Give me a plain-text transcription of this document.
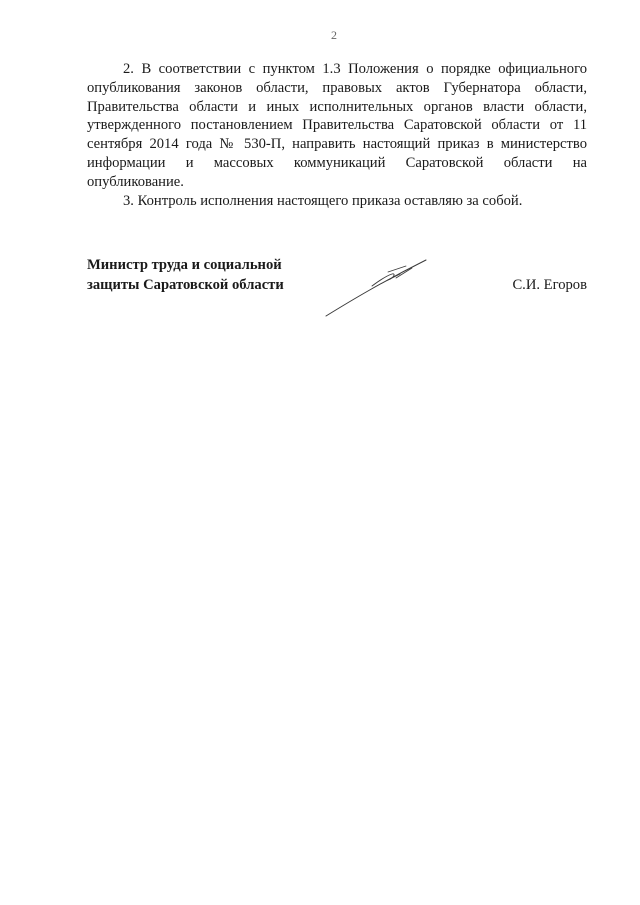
2

2. В соответствии с пунктом 1.3 Положения о порядке официального опубликования законов области, правовых актов Губернатора области, Правительства области и иных исполнительных органов власти области, утвержденного постановлением Правительства Саратовской области от 11 сентября 2014 года № 530-П, направить настоящий приказ в министерство информации и массовых коммуникаций Саратовской области на опубликование.

3. Контроль исполнения настоящего приказа оставляю за собой.

Министр труда и социальной
защиты Саратовской области	С.И. Егоров
